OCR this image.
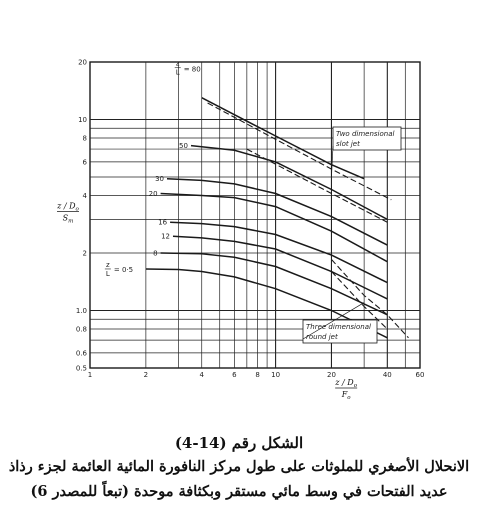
= 80
50
30
20
16
12
8
= 0·5
1	2	4	6	8 10	20	40	60
0.5
0.6
0.8
1.0
2
4
6
8
10
20	z
L
z
L
Two dimensional
slot jet
Three dimensional
round jet
z / $D_o$
$S_m$
z / $D_o$
$F_o$
الشكل رقم (14-4)
الانحلال الأصغري للملوثات على طول مركز النافورة المائية العائمة لجزء رذاذ
عديد الفتحات في وسط مائي مستقر وبكثافة موحدة (تبعاً للمصدر 6)
